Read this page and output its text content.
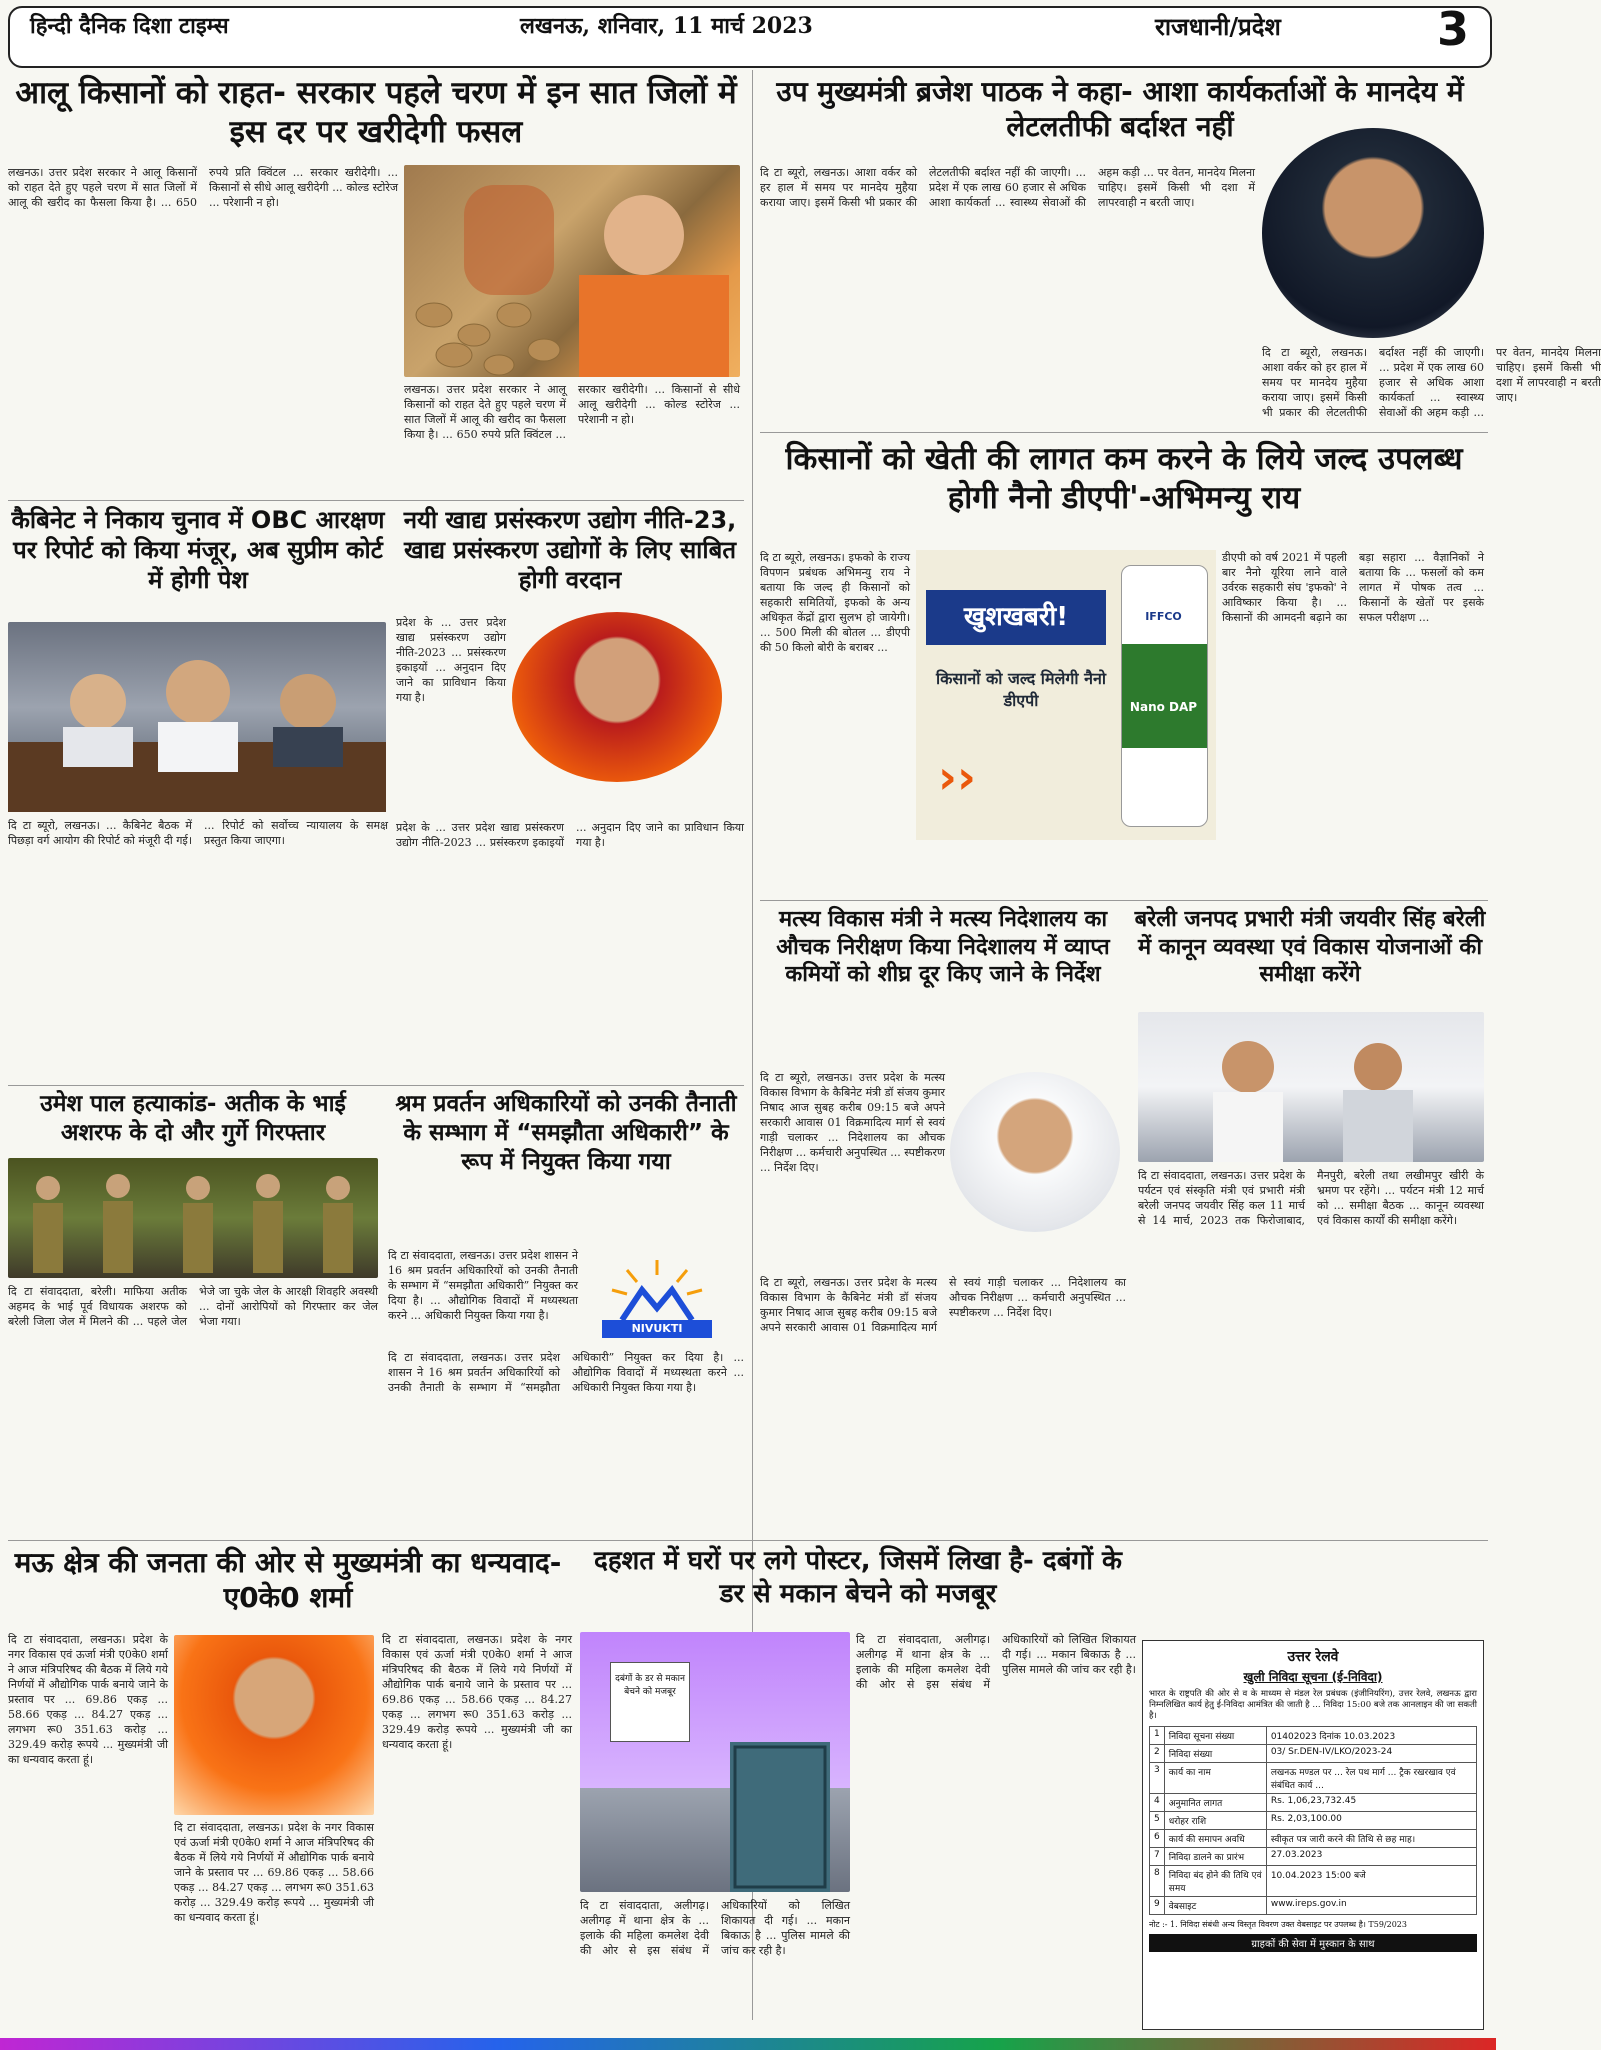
हिन्दी दैनिक दिशा टाइम्स	लखनऊ, शनिवार, 11 मार्च 2023	राजधानी/प्रदेश	3
आलू किसानों को राहत- सरकार पहले चरण में इन सात जिलों में इस दर पर खरीदेगी फसल

लखनऊ। उत्तर प्रदेश सरकार ने आलू किसानों को राहत देते हुए पहले चरण में सात जिलों में आलू की खरीद का फैसला किया है। ... 650 रुपये प्रति क्विंटल ... सरकार खरीदेगी। ... किसानों से सीधे आलू खरीदेगी ... कोल्ड स्टोरेज ... परेशानी न हो।

लखनऊ। उत्तर प्रदेश सरकार ने आलू किसानों को राहत देते हुए पहले चरण में सात जिलों में आलू की खरीद का फैसला किया है। ... 650 रुपये प्रति क्विंटल ... सरकार खरीदेगी। ... किसानों से सीधे आलू खरीदेगी ... कोल्ड स्टोरेज ... परेशानी न हो।

कैबिनेट ने निकाय चुनाव में OBC आरक्षण पर रिपोर्ट को किया मंजूर, अब सुप्रीम कोर्ट में होगी पेश

दि टा ब्यूरो, लखनऊ। ... कैबिनेट बैठक में पिछड़ा वर्ग आयोग की रिपोर्ट को मंजूरी दी गई। ... रिपोर्ट को सर्वोच्च न्यायालय के समक्ष प्रस्तुत किया जाएगा।

नयी खाद्य प्रसंस्करण उद्योग नीति-23, खाद्य प्रसंस्करण उद्योगों के लिए साबित होगी वरदान

प्रदेश के ... उत्तर प्रदेश खाद्य प्रसंस्करण उद्योग नीति-2023 ... प्रसंस्करण इकाइयों ... अनुदान दिए जाने का प्राविधान किया गया है।

प्रदेश के ... उत्तर प्रदेश खाद्य प्रसंस्करण उद्योग नीति-2023 ... प्रसंस्करण इकाइयों ... अनुदान दिए जाने का प्राविधान किया गया है।

उमेश पाल हत्याकांड- अतीक के भाई अशरफ के दो और गुर्गे गिरफ्तार

दि टा संवाददाता, बरेली। माफिया अतीक अहमद के भाई पूर्व विधायक अशरफ को बरेली जिला जेल में मिलने की ... पहले जेल भेजे जा चुके जेल के आरक्षी शिवहरि अवस्थी ... दोनों आरोपियों को गिरफ्तार कर जेल भेजा गया।

श्रम प्रवर्तन अधिकारियों को उनकी तैनाती के सम्भाग में “समझौता अधिकारी” के रूप में नियुक्त किया गया

दि टा संवाददाता, लखनऊ। उत्तर प्रदेश शासन ने 16 श्रम प्रवर्तन अधिकारियों को उनकी तैनाती के सम्भाग में “समझौता अधिकारी” नियुक्त कर दिया है। ... औद्योगिक विवादों में मध्यस्थता करने ... अधिकारी नियुक्त किया गया है।

NIVUKTI

दि टा संवाददाता, लखनऊ। उत्तर प्रदेश शासन ने 16 श्रम प्रवर्तन अधिकारियों को उनकी तैनाती के सम्भाग में “समझौता अधिकारी” नियुक्त कर दिया है। ... औद्योगिक विवादों में मध्यस्थता करने ... अधिकारी नियुक्त किया गया है।

मऊ क्षेत्र की जनता की ओर से मुख्यमंत्री का धन्यवाद- ए0के0 शर्मा

दि टा संवाददाता, लखनऊ। प्रदेश के नगर विकास एवं ऊर्जा मंत्री ए0के0 शर्मा ने आज मंत्रिपरिषद की बैठक में लिये गये निर्णयों में औद्योगिक पार्क बनाये जाने के प्रस्ताव पर ... 69.86 एकड़ ... 58.66 एकड़ ... 84.27 एकड़ ... लगभग रू0 351.63 करोड़ ... 329.49 करोड़ रूपये ... मुख्यमंत्री जी का धन्यवाद करता हूं।

दि टा संवाददाता, लखनऊ। प्रदेश के नगर विकास एवं ऊर्जा मंत्री ए0के0 शर्मा ने आज मंत्रिपरिषद की बैठक में लिये गये निर्णयों में औद्योगिक पार्क बनाये जाने के प्रस्ताव पर ... 69.86 एकड़ ... 58.66 एकड़ ... 84.27 एकड़ ... लगभग रू0 351.63 करोड़ ... 329.49 करोड़ रूपये ... मुख्यमंत्री जी का धन्यवाद करता हूं।

दि टा संवाददाता, लखनऊ। प्रदेश के नगर विकास एवं ऊर्जा मंत्री ए0के0 शर्मा ने आज मंत्रिपरिषद की बैठक में लिये गये निर्णयों में औद्योगिक पार्क बनाये जाने के प्रस्ताव पर ... 69.86 एकड़ ... 58.66 एकड़ ... 84.27 एकड़ ... लगभग रू0 351.63 करोड़ ... 329.49 करोड़ रूपये ... मुख्यमंत्री जी का धन्यवाद करता हूं।

उप मुख्यमंत्री ब्रजेश पाठक ने कहा- आशा कार्यकर्ताओं के मानदेय में लेटलतीफी बर्दाश्त नहीं

दि टा ब्यूरो, लखनऊ। आशा वर्कर को हर हाल में समय पर मानदेय मुहैया कराया जाए। इसमें किसी भी प्रकार की लेटलतीफी बर्दाश्त नहीं की जाएगी। ... प्रदेश में एक लाख 60 हजार से अधिक आशा कार्यकर्ता ... स्वास्थ्य सेवाओं की अहम कड़ी ... पर वेतन, मानदेय मिलना चाहिए। इसमें किसी भी दशा में लापरवाही न बरती जाए।

दि टा ब्यूरो, लखनऊ। आशा वर्कर को हर हाल में समय पर मानदेय मुहैया कराया जाए। इसमें किसी भी प्रकार की लेटलतीफी बर्दाश्त नहीं की जाएगी। ... प्रदेश में एक लाख 60 हजार से अधिक आशा कार्यकर्ता ... स्वास्थ्य सेवाओं की अहम कड़ी ... पर वेतन, मानदेय मिलना चाहिए। इसमें किसी भी दशा में लापरवाही न बरती जाए।

किसानों को खेती की लागत कम करने के लिये जल्द उपलब्ध होगी नैनो डीएपी'-अभिमन्यु राय

दि टा ब्यूरो, लखनऊ। इफको के राज्य विपणन प्रबंधक अभिमन्यु राय ने बताया कि जल्द ही किसानों को सहकारी समितियों, इफको के अन्य अधिकृत केंद्रों द्वारा सुलभ हो जायेगी। ... 500 मिली की बोतल ... डीएपी की 50 किलो बोरी के बराबर ...

खुशखबरी!
किसानों को जल्द मिलेगी नैनो डीएपी
››
IFFCO
Nano DAP

डीएपी को वर्ष 2021 में पहली बार नैनो यूरिया लाने वाले उर्वरक सहकारी संघ 'इफको' ने आविष्कार किया है। ... किसानों की आमदनी बढ़ाने का बड़ा सहारा ... वैज्ञानिकों ने बताया कि ... फसलों को कम लागत में पोषक तत्व ... किसानों के खेतों पर इसके सफल परीक्षण ...

मत्स्य विकास मंत्री ने मत्स्य निदेशालय का औचक निरीक्षण किया निदेशालय में व्याप्त कमियों को शीघ्र दूर किए जाने के निर्देश

दि टा ब्यूरो, लखनऊ। उत्तर प्रदेश के मत्स्य विकास विभाग के कैबिनेट मंत्री डॉ संजय कुमार निषाद आज सुबह करीब 09:15 बजे अपने सरकारी आवास 01 विक्रमादित्य मार्ग से स्वयं गाड़ी चलाकर ... निदेशालय का औचक निरीक्षण ... कर्मचारी अनुपस्थित ... स्पष्टीकरण ... निर्देश दिए।

दि टा ब्यूरो, लखनऊ। उत्तर प्रदेश के मत्स्य विकास विभाग के कैबिनेट मंत्री डॉ संजय कुमार निषाद आज सुबह करीब 09:15 बजे अपने सरकारी आवास 01 विक्रमादित्य मार्ग से स्वयं गाड़ी चलाकर ... निदेशालय का औचक निरीक्षण ... कर्मचारी अनुपस्थित ... स्पष्टीकरण ... निर्देश दिए।

बरेली जनपद प्रभारी मंत्री जयवीर सिंह बरेली में कानून व्यवस्था एवं विकास योजनाओं की समीक्षा करेंगे

दि टा संवाददाता, लखनऊ। उत्तर प्रदेश के पर्यटन एवं संस्कृति मंत्री एवं प्रभारी मंत्री बरेली जनपद जयवीर सिंह कल 11 मार्च से 14 मार्च, 2023 तक फिरोजाबाद, मैनपुरी, बरेली तथा लखीमपुर खीरी के भ्रमण पर रहेंगे। ... पर्यटन मंत्री 12 मार्च को ... समीक्षा बैठक ... कानून व्यवस्था एवं विकास कार्यों की समीक्षा करेंगे।

दहशत में घरों पर लगे पोस्टर, जिसमें लिखा है- दबंगों के डर से मकान बेचने को मजबूर
दबंगों के डर से मकान बेचने को मजबूर

दि टा संवाददाता, अलीगढ़। अलीगढ़ में थाना क्षेत्र के ... इलाके की महिला कमलेश देवी की ओर से इस संबंध में अधिकारियों को लिखित शिकायत दी गई। ... मकान बिकाऊ है ... पुलिस मामले की जांच कर रही है।

दि टा संवाददाता, अलीगढ़। अलीगढ़ में थाना क्षेत्र के ... इलाके की महिला कमलेश देवी की ओर से इस संबंध में अधिकारियों को लिखित शिकायत दी गई। ... मकान बिकाऊ है ... पुलिस मामले की जांच कर रही है।

उत्तर रेलवे
खुली निविदा सूचना (ई-निविदा)
भारत के राष्ट्रपति की ओर से व के माध्यम से मंडल रेल प्रबंधक (इंजीनियरिंग), उत्तर रेलवे, लखनऊ द्वारा निम्नलिखित कार्य हेतु ई-निविदा आमंत्रित की जाती है ... निविदा 15:00 बजे तक आनलाइन की जा सकती है।
1	निविदा सूचना संख्या	01402023 दिनांक 10.03.2023
2	निविदा संख्या	03/ Sr.DEN-IV/LKO/2023-24
3	कार्य का नाम	लखनऊ मण्डल पर ... रेल पथ मार्ग ... ट्रैक रखरखाव एवं संबंधित कार्य ...
4	अनुमानित लागत	Rs. 1,06,23,732.45
5	धरोहर राशि	Rs. 2,03,100.00
6	कार्य की समापन अवधि	स्वीकृत पत्र जारी करने की तिथि से छह माह।
7	निविदा डालने का प्रारंभ	27.03.2023
8	निविदा बंद होने की तिथि एवं समय	10.04.2023 15:00 बजे
9	वेबसाइट	www.ireps.gov.in
नोट :- 1. निविदा संबंधी अन्य विस्तृत विवरण उक्त वेबसाइट पर उपलब्ध है। T59/2023
ग्राहकों की सेवा में मुस्कान के साथ
